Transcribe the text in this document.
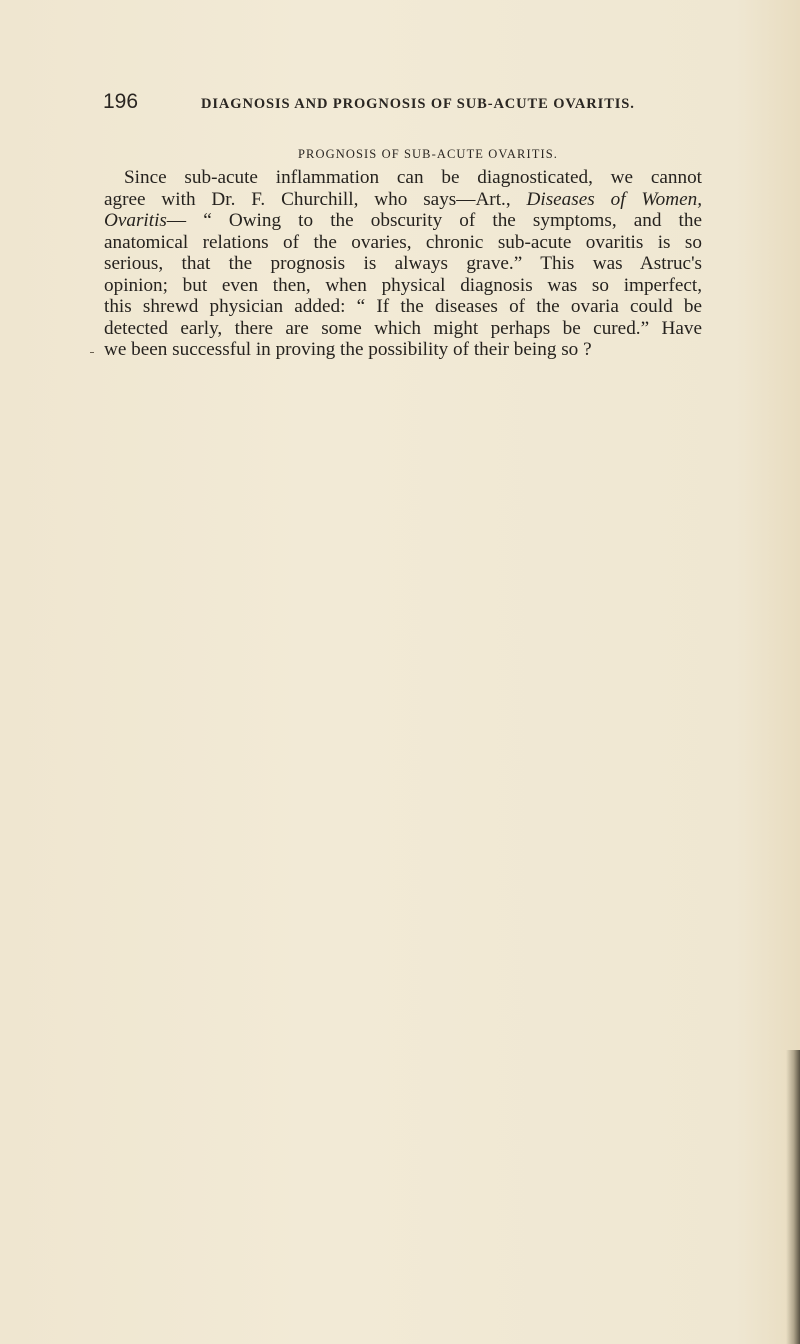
196	DIAGNOSIS AND PROGNOSIS OF SUB-ACUTE OVARITIS.
PROGNOSIS OF SUB-ACUTE OVARITIS.
Since sub-acute inflammation can be diagnosticated, we cannot
agree with Dr. F. Churchill, who says—Art., Diseases of Women,
Ovaritis— “ Owing to the obscurity of the symptoms, and the
anatomical relations of the ovaries, chronic sub-acute ovaritis is so
serious, that the prognosis is always grave.” This was Astruc's
opinion; but even then, when physical diagnosis was so imperfect,
this shrewd physician added: “ If the diseases of the ovaria could be
detected early, there are some which might perhaps be cured.” Have
we been successful in proving the possibility of their being so ?
